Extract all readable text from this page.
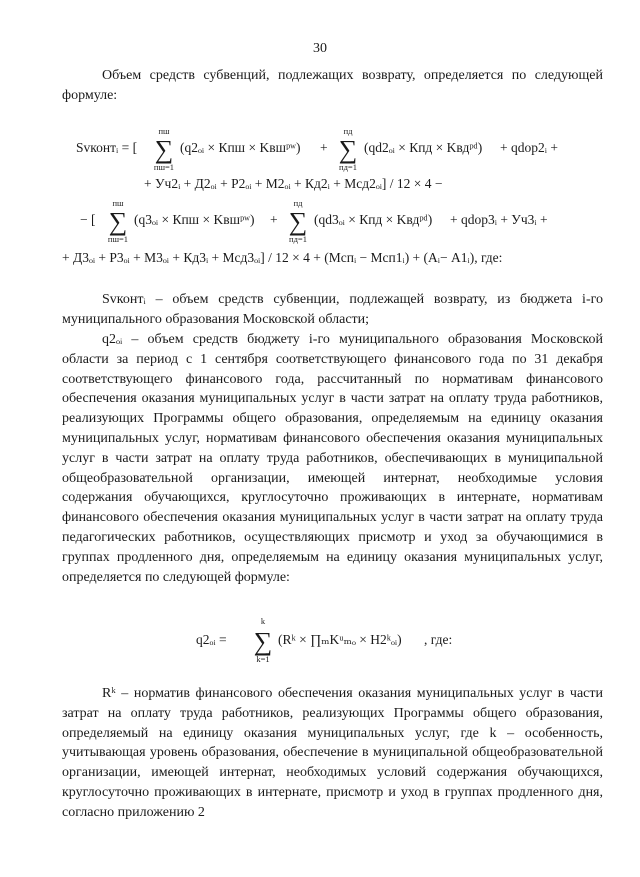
30
Объем средств субвенций, подлежащих возврату, определяется по следующей формуле:
Svконтᵢ = [
пш
∑
пш=1
(q2ₒᵢ × Кпш × Kвшᵖʷ) +
пд
∑
пд=1
(qd2ₒᵢ × Кпд × Kвдᵖᵈ) + qdop2ᵢ +
+ Уч2ᵢ + Д2ₒᵢ + Р2ₒᵢ + М2ₒᵢ + Кд2ᵢ + Мсд2ₒᵢ] / 12 × 4 −
− [
пш
∑
пш=1
(q3ₒᵢ × Кпш × Kвшᵖʷ) +
пд
∑
пд=1
(qd3ₒᵢ × Кпд × Kвдᵖᵈ) + qdop3ᵢ + Уч3ᵢ +
+ Д3ₒᵢ + Р3ₒᵢ + М3ₒᵢ + Кд3ᵢ + Мсд3ₒᵢ] / 12 × 4 + (Мспᵢ − Мсп1ᵢ) + (Аᵢ− А1ᵢ), где:
Svконтᵢ – объем средств субвенции, подлежащей возврату, из бюджета i-го муниципального образования Московской области;
q2ₒᵢ – объем средств бюджету i-го муниципального образования Московской области за период с 1 сентября соответствующего финансового года по 31 декабря соответствующего финансового года, рассчитанный по нормативам финансового обеспечения оказания муниципальных услуг в части затрат на оплату труда работников, реализующих Программы общего образования, определяемым на единицу оказания муниципальных услуг, нормативам финансового обеспечения оказания муниципальных услуг в части затрат на оплату труда работников, обеспечивающих в муниципальной общеобразовательной организации, имеющей интернат, необходимые условия содержания обучающихся, круглосуточно проживающих в интернате, нормативам финансового обеспечения оказания муниципальных услуг в части затрат на оплату труда педагогических работников, осуществляющих присмотр и уход за обучающимися в группах продленного дня, определяемым на единицу оказания муниципальных услуг, определяется по следующей формуле:
q2ₒᵢ =
k
∑
k=1
(Rᵏ × ∏ₘKᵘₘₒ × H2ᵏₒᵢ) , где:
Rᵏ – норматив финансового обеспечения оказания муниципальных услуг в части затрат на оплату труда работников, реализующих Программы общего образования, определяемый на единицу оказания муниципальных услуг, где k – особенность, учитывающая уровень образования, обеспечение в муниципальной общеобразовательной организации, имеющей интернат, необходимых условий содержания обучающихся, круглосуточно проживающих в интернате, присмотр и уход в группах продленного дня, согласно приложению 2
